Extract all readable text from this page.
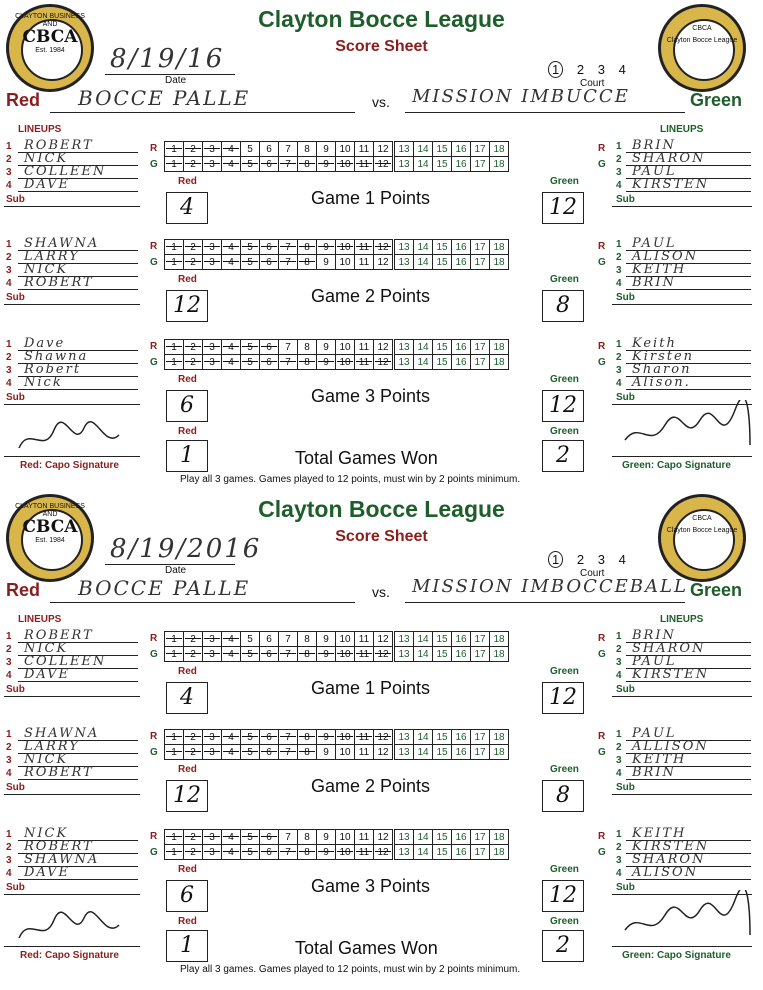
CLAYTON BUSINESS AND
CBCA
Est. 1984
CBCA
Clayton Bocce League
Clayton Bocce League
Score Sheet
8/19/16
Date
1 2 3 4
Court
Red BOCCE PALLE	vs. MISSION IMBUCCE	Green
LINEUPS	LINEUPS
1 ROBERT
2 NICK
3 COLLEEN
4 DAVE
Sub
1 BRIN
2 SHARON
3 PAUL
4 KIRSTEN
Sub
R
G
R
G
1	2	3	4	5	6	7	8	9	10	11	12	13	14	15	16	17	18
1	2	3	4	5	6	7	8	9	10	11	12	13	14	15	16	17	18
Red	Green
4	12
Game 1 Points
1 SHAWNA
2 LARRY
3 NICK
4 ROBERT
Sub
1 PAUL
2 ALISON
3 KEITH
4 BRIN
Sub
R
G
R
G
1	2	3	4	5	6	7	8	9	10	11	12	13	14	15	16	17	18
1	2	3	4	5	6	7	8	9	10	11	12	13	14	15	16	17	18
Red	Green
12	8
Game 2 Points
1 Dave
2 Shawna
3 Robert
4 Nick
Sub
1 Keith
2 Kirsten
3 Sharon
4 Alison.
Sub
R
G
R
G
1	2	3	4	5	6	7	8	9	10	11	12	13	14	15	16	17	18
1	2	3	4	5	6	7	8	9	10	11	12	13	14	15	16	17	18
Red	Green
6	12
Game 3 Points
Red	Green
1	2
Total Games Won
Red: Capo Signature	Green: Capo Signature
Play all 3 games. Games played to 12 points, must win by 2 points minimum.
CLAYTON BUSINESS AND
CBCA
Est. 1984
CBCA
Clayton Bocce League
Clayton Bocce League
Score Sheet
8/19/2016
Date
1 2 3 4
Court
Red BOCCE PALLE	vs. MISSION IMBOCCEBALL Green
LINEUPS	LINEUPS
1 ROBERT
2 NICK
3 COLLEEN
4 DAVE
Sub
1 BRIN
2 SHARON
3 PAUL
4 KIRSTEN
Sub
R
G
R
G
1	2	3	4	5	6	7	8	9	10	11	12	13	14	15	16	17	18
1	2	3	4	5	6	7	8	9	10	11	12	13	14	15	16	17	18
Red	Green
4	12
Game 1 Points
1 SHAWNA
2 LARRY
3 NICK
4 ROBERT
Sub
1 PAUL
2 ALLISON
3 KEITH
4 BRIN
Sub
R
G
R
G
1	2	3	4	5	6	7	8	9	10	11	12	13	14	15	16	17	18
1	2	3	4	5	6	7	8	9	10	11	12	13	14	15	16	17	18
Red	Green
12	8
Game 2 Points
1 NICK
2 ROBERT
3 SHAWNA
4 DAVE
Sub
1 KEITH
2 KIRSTEN
3 SHARON
4 ALISON
Sub
R
G
R
G
1	2	3	4	5	6	7	8	9	10	11	12	13	14	15	16	17	18
1	2	3	4	5	6	7	8	9	10	11	12	13	14	15	16	17	18
Red	Green
6	12
Game 3 Points
Red	Green
1	2
Total Games Won
Red: Capo Signature	Green: Capo Signature
Play all 3 games. Games played to 12 points, must win by 2 points minimum.
